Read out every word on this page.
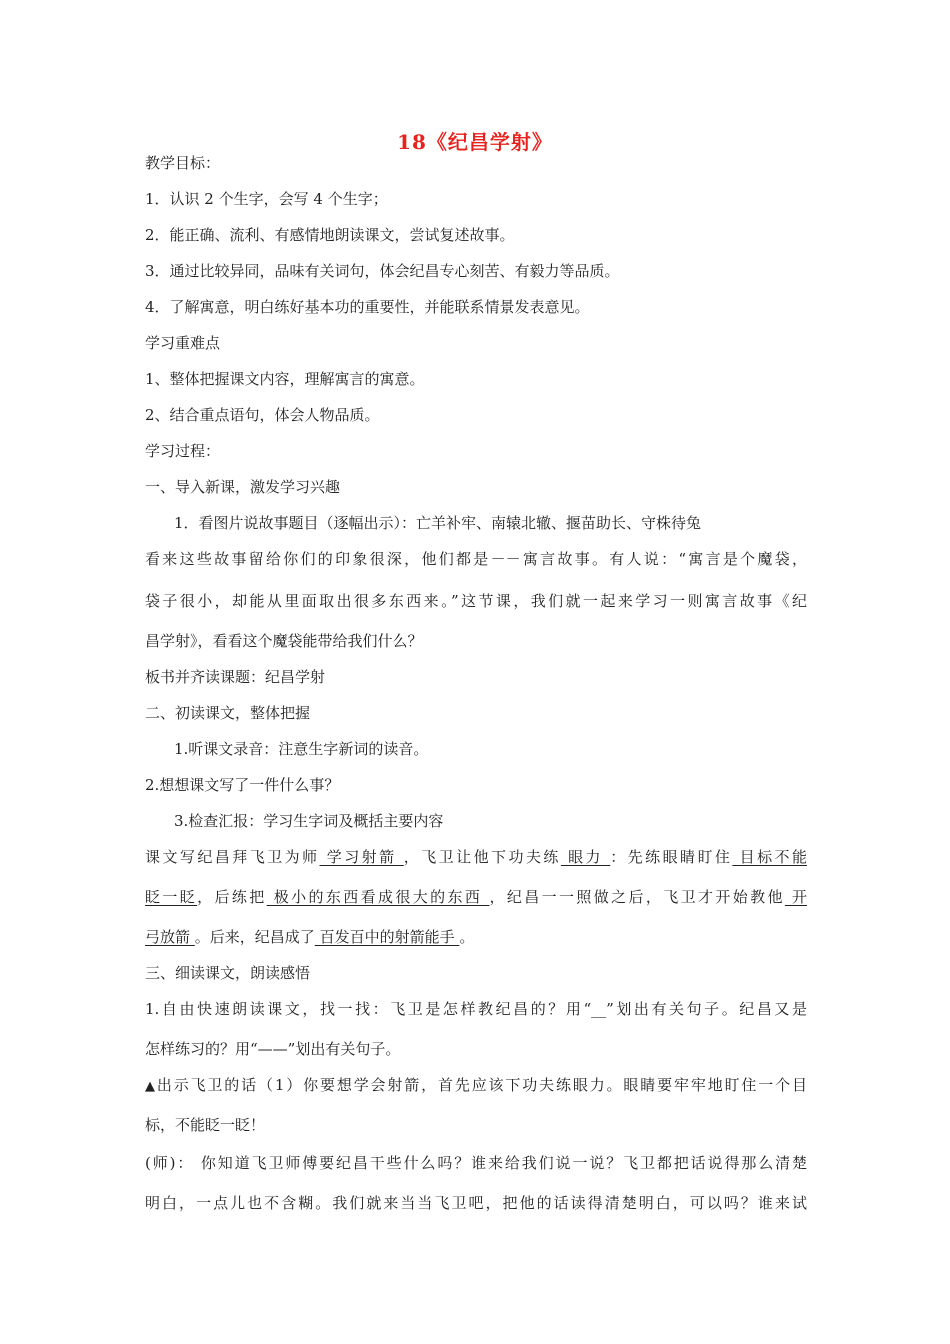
18《纪昌学射》
教学目标：
1．认识 2 个生字，会写 4 个生字；
2．能正确、流利、有感情地朗读课文，尝试复述故事。
3．通过比较异同，品味有关词句，体会纪昌专心刻苦、有毅力等品质。
4．了解寓意，明白练好基本功的重要性，并能联系情景发表意见。
学习重难点
1、整体把握课文内容，理解寓言的寓意。
2、结合重点语句，体会人物品质。
学习过程：
一、导入新课，激发学习兴趣
1．看图片说故事题目（逐幅出示）：亡羊补牢、南辕北辙、揠苗助长、守株待兔
看来这些故事留给你们的印象很深，他们都是－－寓言故事。有人说：“寓言是个魔袋，
袋子很小，却能从里面取出很多东西来。”这节课，我们就一起来学习一则寓言故事《纪
昌学射》，看看这个魔袋能带给我们什么？
板书并齐读课题：纪昌学射
二、初读课文，整体把握
1.听课文录音：注意生字新词的读音。
2.想想课文写了一件什么事？
3.检查汇报：学习生字词及概括主要内容
课文写纪昌拜飞卫为师 学习射箭 ，飞卫让他下功夫练 眼力 ：先练眼睛盯住 目标不能
眨一眨，后练把 极小的东西看成很大的东西 ，纪昌一一照做之后，飞卫才开始教他 开
弓放箭 。后来，纪昌成了 百发百中的射箭能手 。
三、细读课文，朗读感悟
1.自由快速朗读课文，找一找：飞卫是怎样教纪昌的？用“__”划出有关句子。纪昌又是
怎样练习的？用“——”划出有关句子。
▲出示飞卫的话（1）你要想学会射箭，首先应该下功夫练眼力。眼睛要牢牢地盯住一个目
标，不能眨一眨！
(师)： 你知道飞卫师傅要纪昌干些什么吗？谁来给我们说一说？飞卫都把话说得那么清楚
明白，一点儿也不含糊。我们就来当当飞卫吧，把他的话读得清楚明白，可以吗？谁来试
